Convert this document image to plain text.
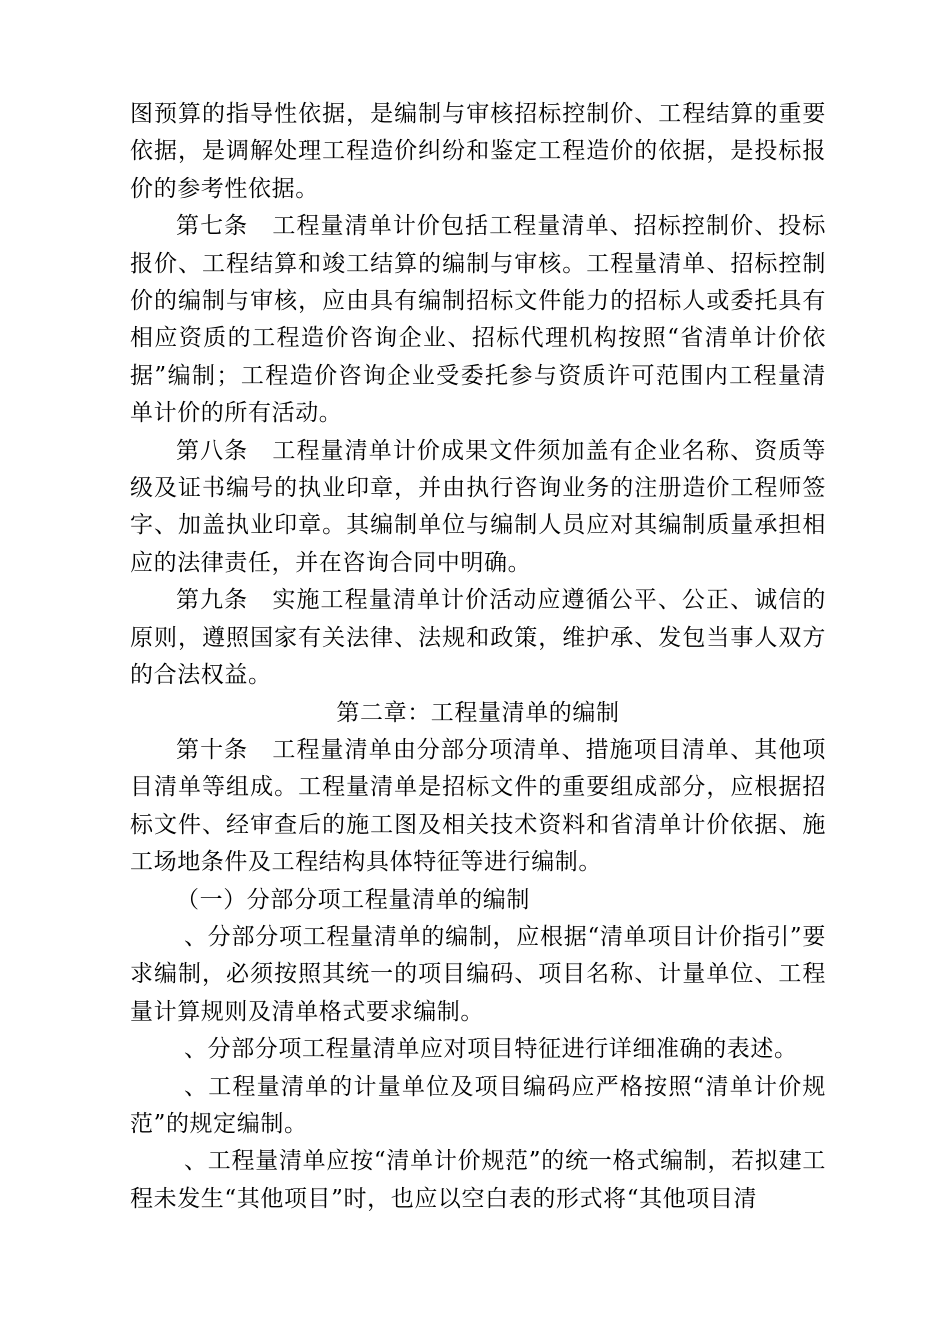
图预算的指导性依据，是编制与审核招标控制价、工程结算的重要依据，是调解处理工程造价纠纷和鉴定工程造价的依据，是投标报价的参考性依据。

第七条　工程量清单计价包括工程量清单、招标控制价、投标报价、工程结算和竣工结算的编制与审核。工程量清单、招标控制价的编制与审核，应由具有编制招标文件能力的招标人或委托具有相应资质的工程造价咨询企业、招标代理机构按照“省清单计价依据”编制；工程造价咨询企业受委托参与资质许可范围内工程量清单计价的所有活动。

第八条　工程量清单计价成果文件须加盖有企业名称、资质等级及证书编号的执业印章，并由执行咨询业务的注册造价工程师签字、加盖执业印章。其编制单位与编制人员应对其编制质量承担相应的法律责任，并在咨询合同中明确。

第九条　实施工程量清单计价活动应遵循公平、公正、诚信的原则，遵照国家有关法律、法规和政策，维护承、发包当事人双方的合法权益。

第二章：工程量清单的编制

第十条　工程量清单由分部分项清单、措施项目清单、其他项目清单等组成。工程量清单是招标文件的重要组成部分，应根据招标文件、经审查后的施工图及相关技术资料和省清单计价依据、施工场地条件及工程结构具体特征等进行编制。

（一）分部分项工程量清单的编制

、分部分项工程量清单的编制，应根据“清单项目计价指引”要求编制，必须按照其统一的项目编码、项目名称、计量单位、工程量计算规则及清单格式要求编制。

、分部分项工程量清单应对项目特征进行详细准确的表述。

、工程量清单的计量单位及项目编码应严格按照“清单计价规范”的规定编制。

、工程量清单应按“清单计价规范”的统一格式编制，若拟建工程未发生“其他项目”时，也应以空白表的形式将“其他项目清
